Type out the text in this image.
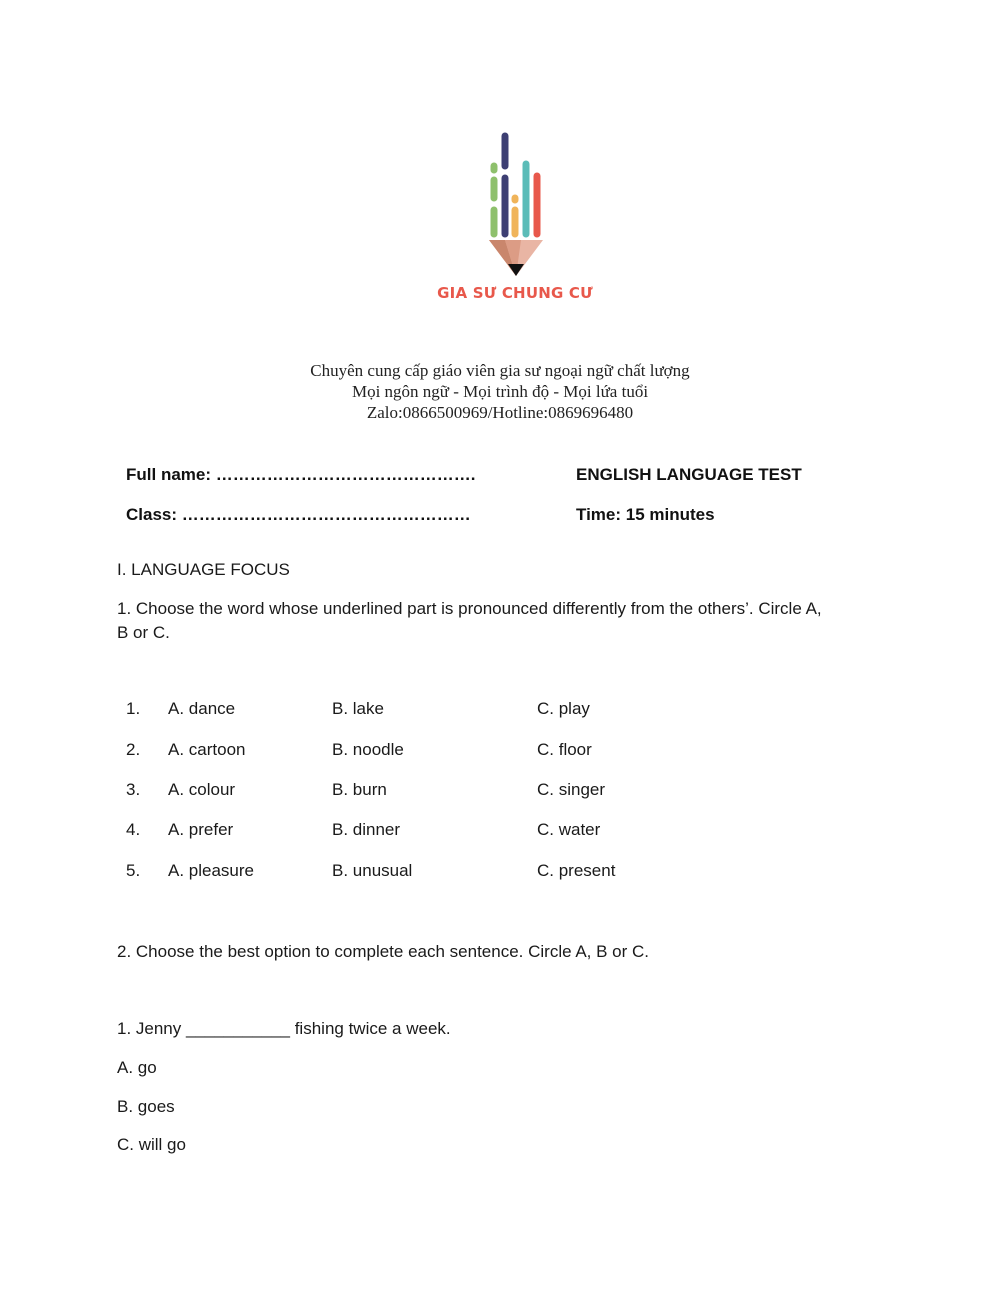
GIA SƯ CHUNG CƯ
Chuyên cung cấp giáo viên gia sư ngoại ngữ chất lượng
Mọi ngôn ngữ - Mọi trình độ - Mọi lứa tuổi
Zalo:0866500969/Hotline:0869696480
Full name: ……………………………………….	ENGLISH LANGUAGE TEST
Class: ……………………………………………	Time: 15 minutes
I. LANGUAGE FOCUS
1. Choose the word whose underlined part is pronounced differently from the others’. Circle A,
B or C.
1. A. dance	B. lake	C. play
2. A. cartoon	B. noodle	C. floor
3. A. colour	B. burn	C. singer
4. A. prefer	B. dinner	C. water
5. A. pleasure	B. unusual	C. present
2. Choose the best option to complete each sentence. Circle A, B or C.
1. Jenny ___________ fishing twice a week.
A. go
B. goes
C. will go
